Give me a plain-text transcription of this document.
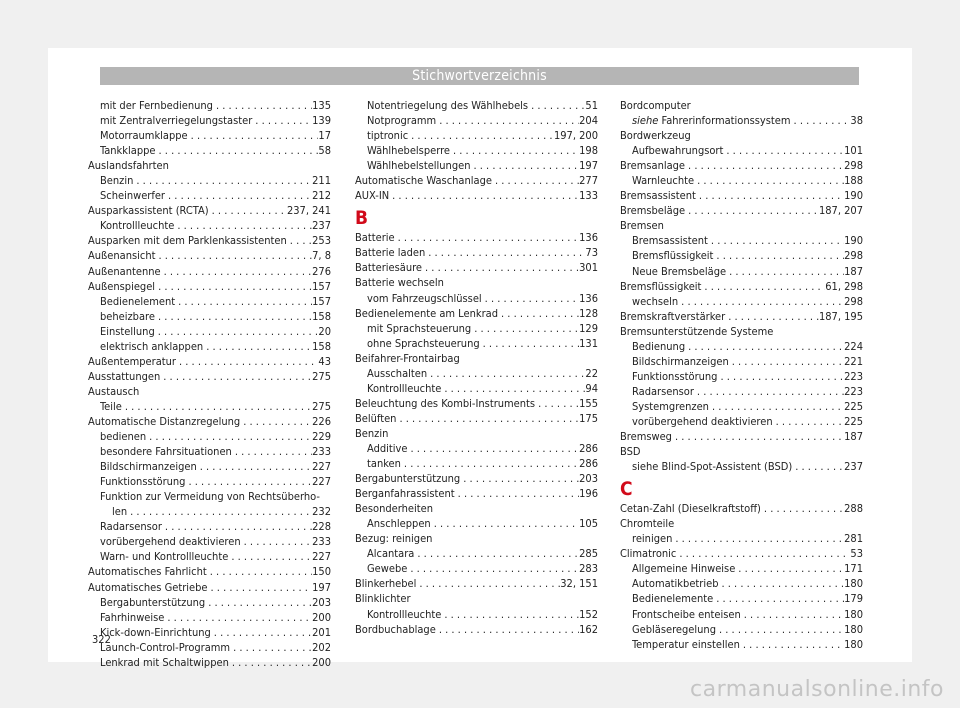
Stichwortverzeichnis
mit der Fernbedienung . . .	135
mit Zentralverriegelungstaster . . .	139
Motorraumklappe . . .	17
Tankklappe . . .	58
Auslandsfahrten
Benzin . . .	211
Scheinwerfer . . .	212
Ausparkassistent (RCTA) . . .	237, 241
Kontrollleuchte . . .	237
Ausparken mit dem Parklenkassistenten . . . 253
Außenansicht . . .	7, 8
Außenantenne . . .	276
Außenspiegel . . .	157
Bedienelement . . .	157
beheizbare . . .	158
Einstellung . . .	20
elektrisch anklappen . . .	158
Außentemperatur . . .	43
Ausstattungen . . .	275
Austausch
Teile . . .	275
Automatische Distanzregelung . . .	226
bedienen . . .	229
besondere Fahrsituationen . . .	233
Bildschirmanzeigen . . .	227
Funktionsstörung . . .	227
Funktion zur Vermeidung von Rechtsüberho-
len . . .	232
Radarsensor . . .	228
vorübergehend deaktivieren . . .	233
Warn- und Kontrollleuchte . . .	227
Automatisches Fahrlicht . . .	150
Automatisches Getriebe . . .	197
Bergabunterstützung . . .	203
Fahrhinweise . . .	200
Kick-down-Einrichtung . . .	201
Launch-Control-Programm . . .	202
Lenkrad mit Schaltwippen . . .	200
Notentriegelung des Wählhebels . . .	51
Notprogramm . . .	204
tiptronic . . .	197, 200
Wählhebelsperre . . .	198
Wählhebelstellungen . . .	197
Automatische Waschanlage . . .	277
AUX-IN . . .	133
B
Batterie . . .	136
Batterie laden . . .	73
Batteriesäure . . .	301
Batterie wechseln
vom Fahrzeugschlüssel . . .	136
Bedienelemente am Lenkrad . . .	128
mit Sprachsteuerung . . .	129
ohne Sprachsteuerung . . .	131
Beifahrer-Frontairbag
Ausschalten . . .	22
Kontrollleuchte . . .	94
Beleuchtung des Kombi-Instruments . . .	155
Belüften . . .	175
Benzin
Additive . . .	286
tanken . . .	286
Bergabunterstützung . . .	203
Berganfahrassistent . . .	196
Besonderheiten
Anschleppen . . .	105
Bezug: reinigen
Alcantara . . .	285
Gewebe . . .	283
Blinkerhebel . . .	32, 151
Blinklichter
Kontrollleuchte . . .	152
Bordbuchablage . . .	162
Bordcomputer
siehe Fahrerinformationssystem . . .	38
Bordwerkzeug
Aufbewahrungsort . . .	101
Bremsanlage . . .	298
Warnleuchte . . .	188
Bremsassistent . . .	190
Bremsbeläge . . .	187, 207
Bremsen
Bremsassistent . . .	190
Bremsflüssigkeit . . .	298
Neue Bremsbeläge . . .	187
Bremsflüssigkeit . . .	61, 298
wechseln . . .	298
Bremskraftverstärker . . .	187, 195
Bremsunterstützende Systeme
Bedienung . . .	224
Bildschirmanzeigen . . .	221
Funktionsstörung . . .	223
Radarsensor . . .	223
Systemgrenzen . . .	225
vorübergehend deaktivieren . . .	225
Bremsweg . . .	187
BSD
siehe Blind-Spot-Assistent (BSD) . . .	237
C
Cetan-Zahl (Dieselkraftstoff) . . .	288
Chromteile
reinigen . . .	281
Climatronic . . .	53
Allgemeine Hinweise . . .	171
Automatikbetrieb . . .	180
Bedienelemente . . .	179
Frontscheibe enteisen . . .	180
Gebläseregelung . . .	180
Temperatur einstellen . . .	180
322
carmanualsonline.info
